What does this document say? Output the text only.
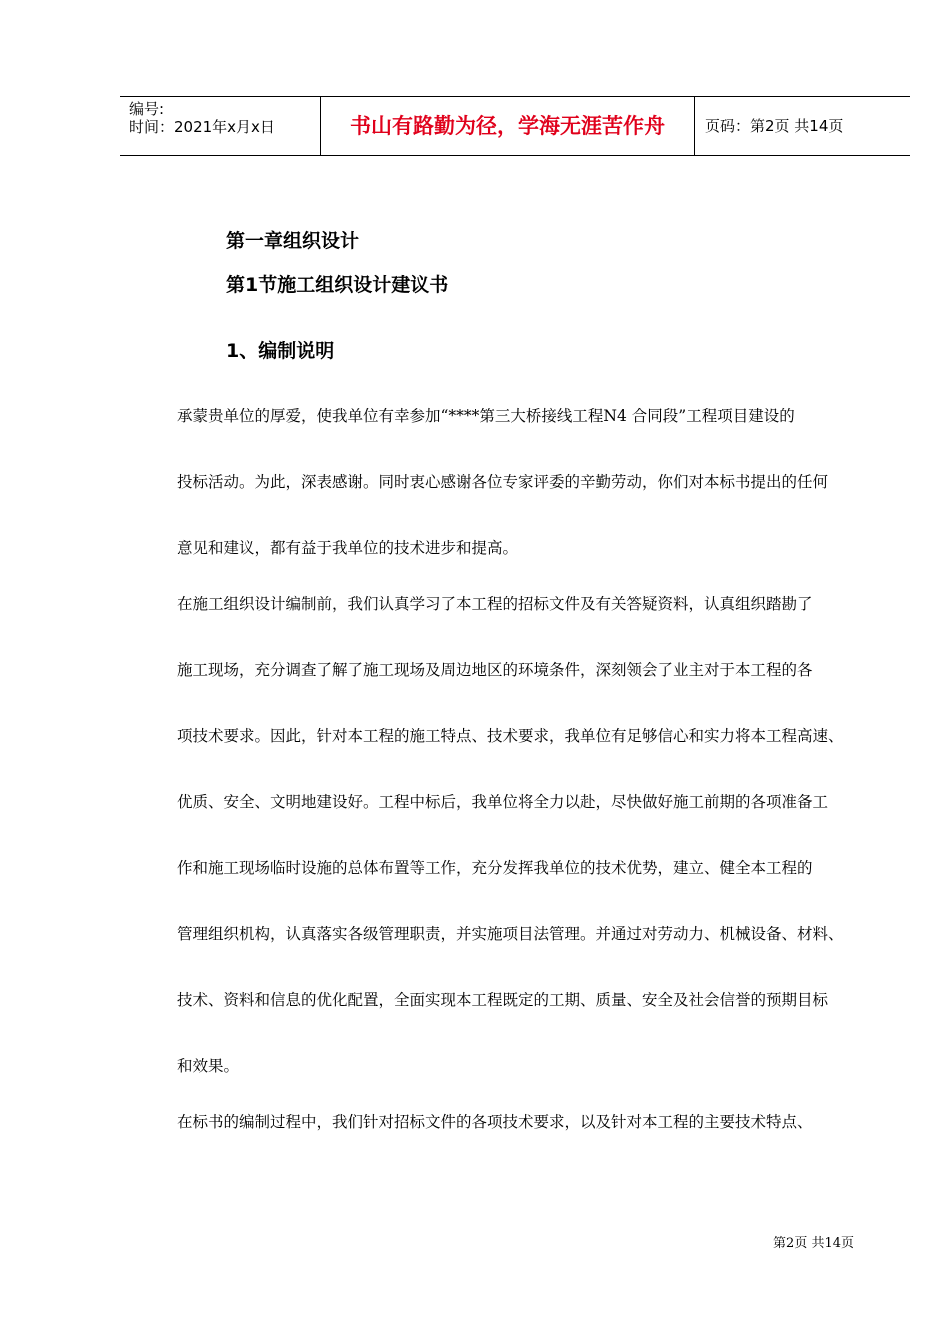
编号:
时间：2021年x月x日	书山有路勤为径，学海无涯苦作舟	页码：第2页 共14页
第一章组织设计
第1节施工组织设计建议书
1、编制说明
承蒙贵单位的厚爱，使我单位有幸参加“****第三大桥接线工程N4 合同段”工程项目建设的
投标活动。为此，深表感谢。同时衷心感谢各位专家评委的辛勤劳动，你们对本标书提出的任何
意见和建议，都有益于我单位的技术进步和提高。
在施工组织设计编制前，我们认真学习了本工程的招标文件及有关答疑资料，认真组织踏勘了
施工现场，充分调查了解了施工现场及周边地区的环境条件，深刻领会了业主对于本工程的各
项技术要求。因此，针对本工程的施工特点、技术要求，我单位有足够信心和实力将本工程高速、
优质、安全、文明地建设好。工程中标后，我单位将全力以赴，尽快做好施工前期的各项准备工
作和施工现场临时设施的总体布置等工作，充分发挥我单位的技术优势，建立、健全本工程的
管理组织机构，认真落实各级管理职责，并实施项目法管理。并通过对劳动力、机械设备、材料、
技术、资料和信息的优化配置，全面实现本工程既定的工期、质量、安全及社会信誉的预期目标
和效果。
在标书的编制过程中，我们针对招标文件的各项技术要求，以及针对本工程的主要技术特点、
第2页 共14页
